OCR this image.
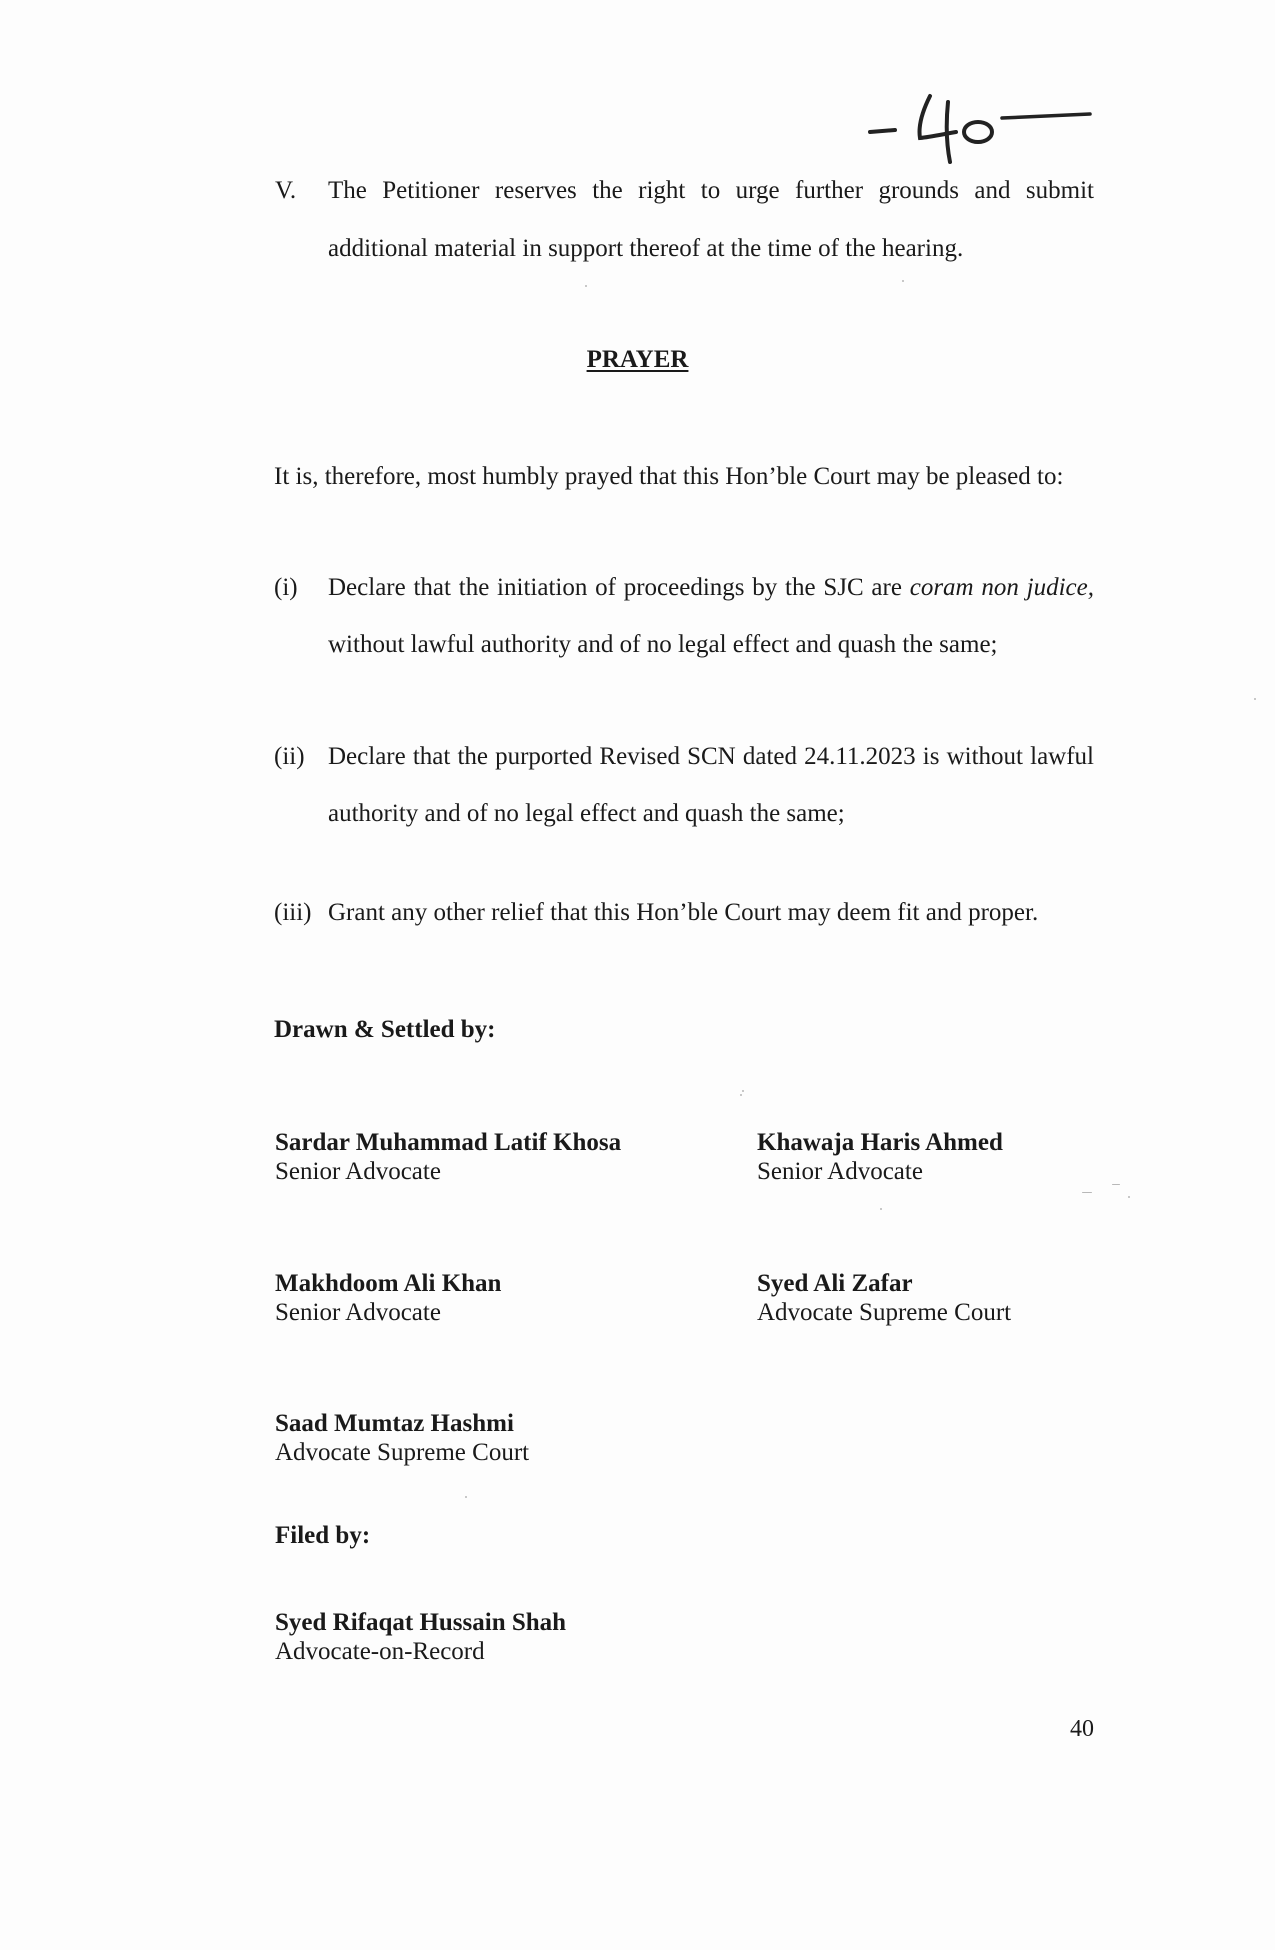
V. The Petitioner reserves the right to urge further grounds and submit
additional material in support thereof at the time of the hearing.
PRAYER
It is, therefore, most humbly prayed that this Hon’ble Court may be pleased to:
(i) Declare that the initiation of proceedings by the SJC are coram non judice,
without lawful authority and of no legal effect and quash the same;
(ii) Declare that the purported Revised SCN dated 24.11.2023 is without lawful
authority and of no legal effect and quash the same;
(iii) Grant any other relief that this Hon’ble Court may deem fit and proper.
Drawn & Settled by:
Sardar Muhammad Latif Khosa
Senior Advocate
Khawaja Haris Ahmed
Senior Advocate
Makhdoom Ali Khan
Senior Advocate
Syed Ali Zafar
Advocate Supreme Court
Saad Mumtaz Hashmi
Advocate Supreme Court
Filed by:
Syed Rifaqat Hussain Shah
Advocate-on-Record
40
